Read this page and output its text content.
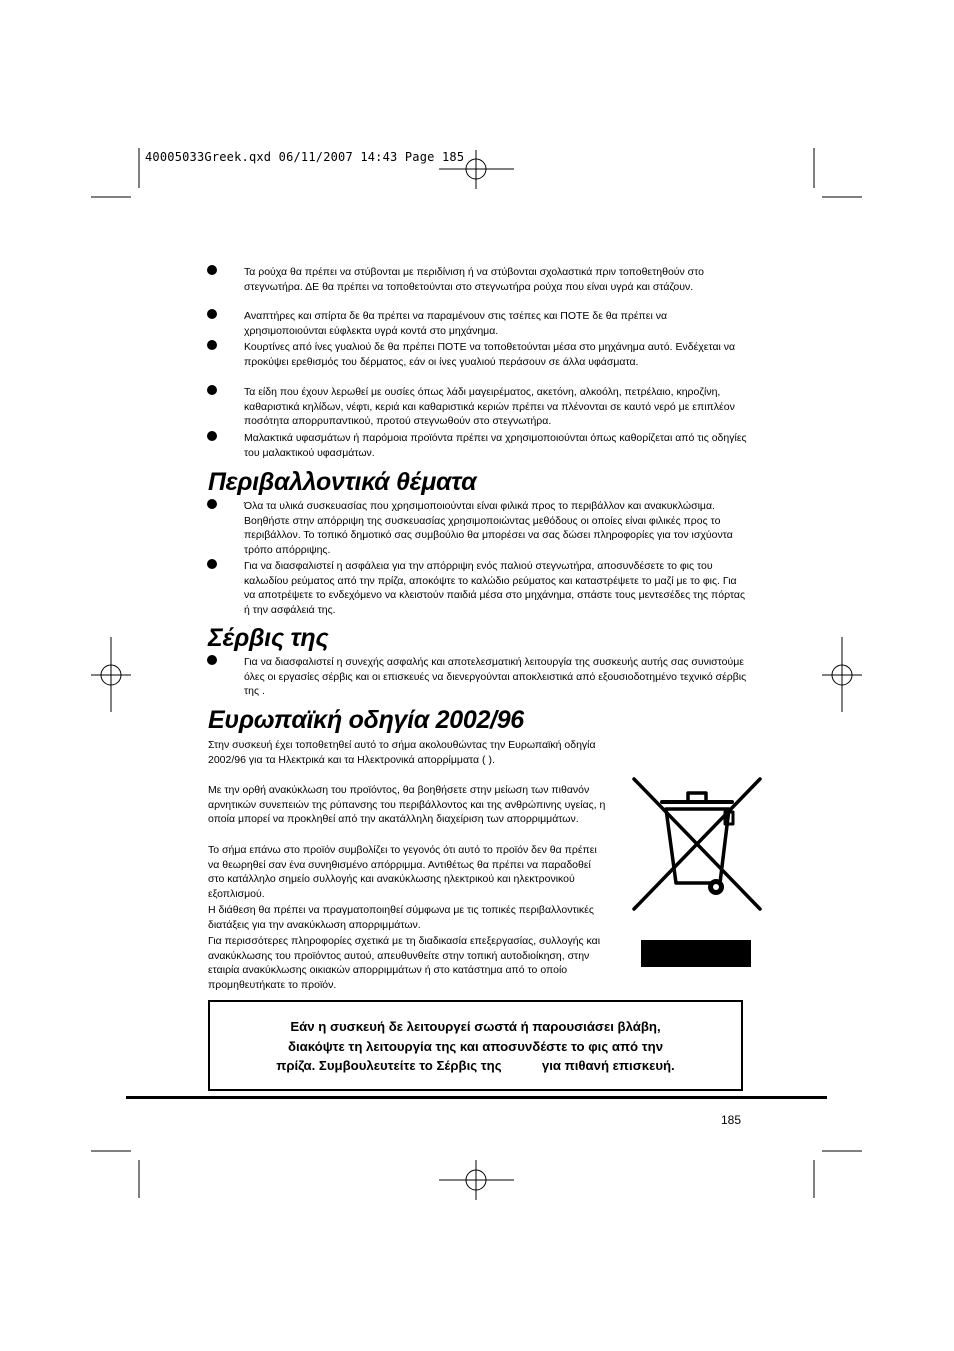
40005033Greek.qxd 06/11/2007 14:43 Page 185
Τα ρούχα θα πρέπει να στύβονται με περιδίνιση ή να στύβονται σχολαστικά πριν τοποθετηθούν στο στεγνωτήρα. ΔΕ θα πρέπει να τοποθετούνται στο στεγνωτήρα ρούχα που είναι υγρά και στάζουν.
Αναπτήρες και σπίρτα δε θα πρέπει να παραμένουν στις τσέπες και ΠΟΤΕ δε θα πρέπει να χρησιμοποιούνται εύφλεκτα υγρά κοντά στο μηχάνημα.
Κουρτίνες από ίνες γυαλιού δε θα πρέπει ΠΟΤΕ να τοποθετούνται μέσα στο μηχάνημα αυτό. Ενδέχεται να προκύψει ερεθισμός του δέρματος, εάν οι ίνες γυαλιού περάσουν σε άλλα υφάσματα.
Τα είδη που έχουν λερωθεί με ουσίες όπως λάδι μαγειρέματος, ακετόνη, αλκοόλη, πετρέλαιο, κηροζίνη, καθαριστικά κηλίδων, νέφτι, κεριά και καθαριστικά κεριών πρέπει να πλένονται σε καυτό νερό με επιπλέον ποσότητα απορρυπαντικού, προτού στεγνωθούν στο στεγνωτήρα.
Μαλακτικά υφασμάτων ή παρόμοια προϊόντα πρέπει να χρησιμοποιούνται όπως καθορίζεται από τις οδηγίες του μαλακτικού υφασμάτων.
Περιβαλλοντικά θέματα
Όλα τα υλικά συσκευασίας που χρησιμοποιούνται είναι φιλικά προς το περιβάλλον και ανακυκλώσιμα. Βοηθήστε στην απόρριψη της συσκευασίας χρησιμοποιώντας μεθόδους οι οποίες είναι φιλικές προς το περιβάλλον. Το τοπικό δημοτικό σας συμβούλιο θα μπορέσει να σας δώσει πληροφορίες για τον ισχύοντα τρόπο απόρριψης.
Για να διασφαλιστεί η ασφάλεια για την απόρριψη ενός παλιού στεγνωτήρα, αποσυνδέσετε το φις του καλωδίου ρεύματος από την πρίζα, αποκόψτε το καλώδιο ρεύματος και καταστρέψετε το μαζί με το φις. Για να αποτρέψετε το ενδεχόμενο να κλειστούν παιδιά μέσα στο μηχάνημα, σπάστε τους μεντεσέδες της πόρτας ή την ασφάλειά της.
Σέρβις της
Για να διασφαλιστεί η συνεχής ασφαλής και αποτελεσματική λειτουργία της συσκευής αυτής σας συνιστούμε όλες οι εργασίες σέρβις και οι επισκευές να διενεργούνται αποκλειστικά από εξουσιοδοτημένο τεχνικό σέρβις της .
Ευρωπαϊκή οδηγία 2002/96
Στην συσκευή έχει τοποθετηθεί αυτό το σήμα ακολουθώντας την Ευρωπαϊκή οδηγία 2002/96 για τα Ηλεκτρικά και τα Ηλεκτρονικά απορρίμματα ( ).
Με την ορθή ανακύκλωση του προϊόντος, θα βοηθήσετε στην μείωση των πιθανόν αρνητικών συνεπειών της ρύπανσης του περιβάλλοντος και της ανθρώπινης υγείας, η οποία μπορεί να προκληθεί από την ακατάλληλη διαχείριση των απορριμμάτων.
Το σήμα επάνω στο προϊόν συμβολίζει το γεγονός ότι αυτό το προϊόν δεν θα πρέπει να θεωρηθεί σαν ένα συνηθισμένο απόρριμμα. Αντιθέτως θα πρέπει να παραδοθεί στο κατάλληλο σημείο συλλογής και ανακύκλωσης ηλεκτρικού και ηλεκτρονικού εξοπλισμού.
Η διάθεση θα πρέπει να πραγματοποιηθεί σύμφωνα με τις τοπικές περιβαλλοντικές διατάξεις για την ανακύκλωση απορριμμάτων.
Για περισσότερες πληροφορίες σχετικά με τη διαδικασία επεξεργασίας, συλλογής και ανακύκλωσης του προϊόντος αυτού, απευθυνθείτε στην τοπική αυτοδιοίκηση, στην εταιρία ανακύκλωσης οικιακών απορριμμάτων ή στο κατάστημα από το οποίο προμηθευτήκατε το προϊόν.
Εάν η συσκευή δε λειτουργεί σωστά ή παρουσιάσει βλάβη,
διακόψτε τη λειτουργία της και αποσυνδέστε το φις από την
πρίζα. Συμβουλευτείτε το Σέρβις της           για πιθανή επισκευή.
185
